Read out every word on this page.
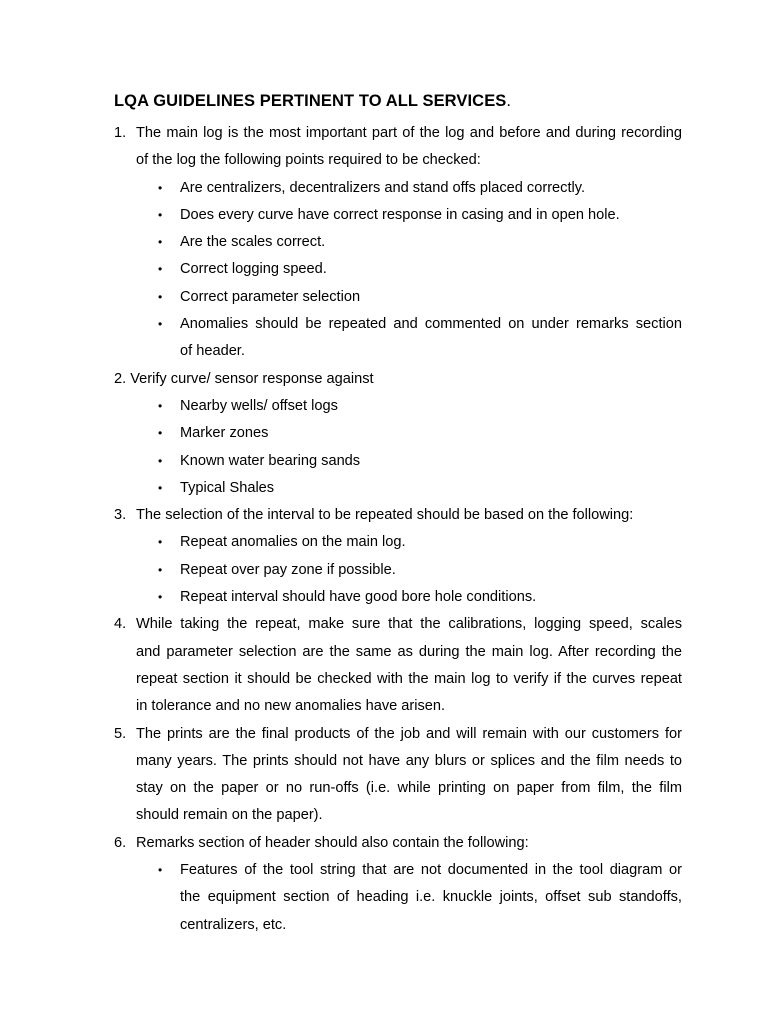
LQA GUIDELINES PERTINENT TO ALL SERVICES.
1. The main log is the most important part of the log and before and during recording
of the log the following points required to be checked:
• Are centralizers, decentralizers and stand offs placed correctly.
• Does every curve have correct response in casing and in open hole.
• Are the scales correct.
• Correct logging speed.
• Correct parameter selection
• Anomalies should be repeated and commented on under remarks section
of header.
2. Verify curve/ sensor response against
• Nearby wells/ offset logs
• Marker zones
• Known water bearing sands
• Typical Shales
3. The selection of the interval to be repeated should be based on the following:
• Repeat anomalies on the main log.
• Repeat over pay zone if possible.
• Repeat interval should have good bore hole conditions.
4. While taking the repeat, make sure that the calibrations, logging speed, scales
and parameter selection are the same as during the main log. After recording the
repeat section it should be checked with the main log to verify if the curves repeat
in tolerance and no new anomalies have arisen.
5. The prints are the final products of the job and will remain with our customers for
many years. The prints should not have any blurs or splices and the film needs to
stay on the paper or no run-offs (i.e. while printing on paper from film, the film
should remain on the paper).
6. Remarks section of header should also contain the following:
• Features of the tool string that are not documented in the tool diagram or
the equipment section of heading i.e. knuckle joints, offset sub standoffs,
centralizers, etc.
